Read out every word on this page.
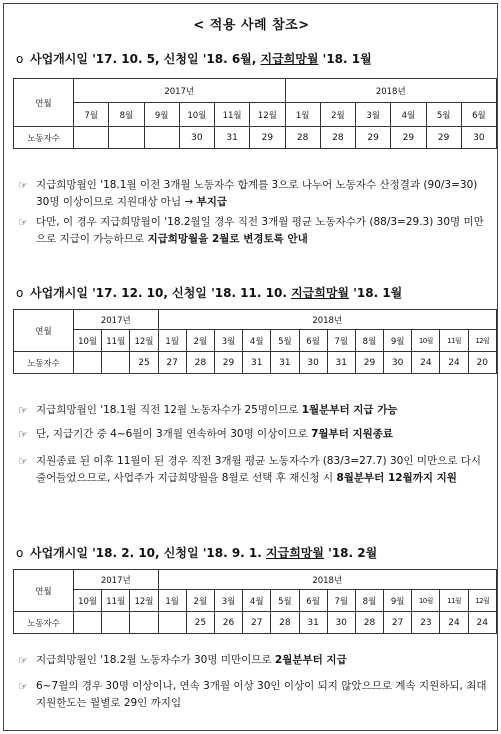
< 적용 사례 참조>
o 사업개시일 '17. 10. 5, 신청일 '18. 6월, 지급희망월 '18. 1월
연월	2017년						2018년					
	7월	8월	9월	10월	11월	12월	1월	2월	3월	4월	5월	6월
노동자수				30	31	29	28	28	29	29	29	30
☞ 지급희망월인 '18.1월 이전 3개월 노동자수 합계를 3으로 나누어 노동자수 산정결과 (90/3=30) 30명 이상이므로 지원대상 아님 → 부지급
☞ 다만, 이 경우 지급희망월이 '18.2월일 경우 직전 3개월 평균 노동자수가 (88/3=29.3) 30명 미만으로 지급이 가능하므로 지급희망월을 2월로 변경토록 안내
o 사업개시일 '17. 12. 10, 신청일 '18. 11. 10. 지급희망월 '18. 1월
연월	2017년			2018년											
	10월	11월	12월	1월	2월	3월	4월	5월	6월	7월	8월	9월	10월	11월	12월
노동자수			25	27	28	29	31	31	30	31	29	30	24	24	20
☞ 지급희망월인 '18.1월 직전 12월 노동자수가 25명이므로 1월분부터 지급 가능
☞ 단, 지급기간 중 4~6월이 3개월 연속하여 30명 이상이므로 7월부터 지원종료
☞ 지원종료 된 이후 11월이 된 경우 직전 3개월 평균 노동자수가 (83/3=27.7) 30인 미만으로 다시 줄어들었으므로, 사업주가 지급희망월을 8월로 선택 후 재신청 시 8월분부터 12월까지 지원
o 사업개시일 '18. 2. 10, 신청일 '18. 9. 1. 지급희망월 '18. 2월
연월	2017년			2018년											
	10월	11월	12월	1월	2월	3월	4월	5월	6월	7월	8월	9월	10월	11월	12월
노동자수					25	26	27	28	31	30	28	27	23	24	24
☞ 지급희망월인 '18.2월 노동자수가 30명 미만이므로 2월분부터 지급
☞ 6~7월의 경우 30명 이상이나, 연속 3개월 이상 30인 이상이 되지 않았으므로 계속 지원하되, 최대 지원한도는 월별로 29인 까지임
